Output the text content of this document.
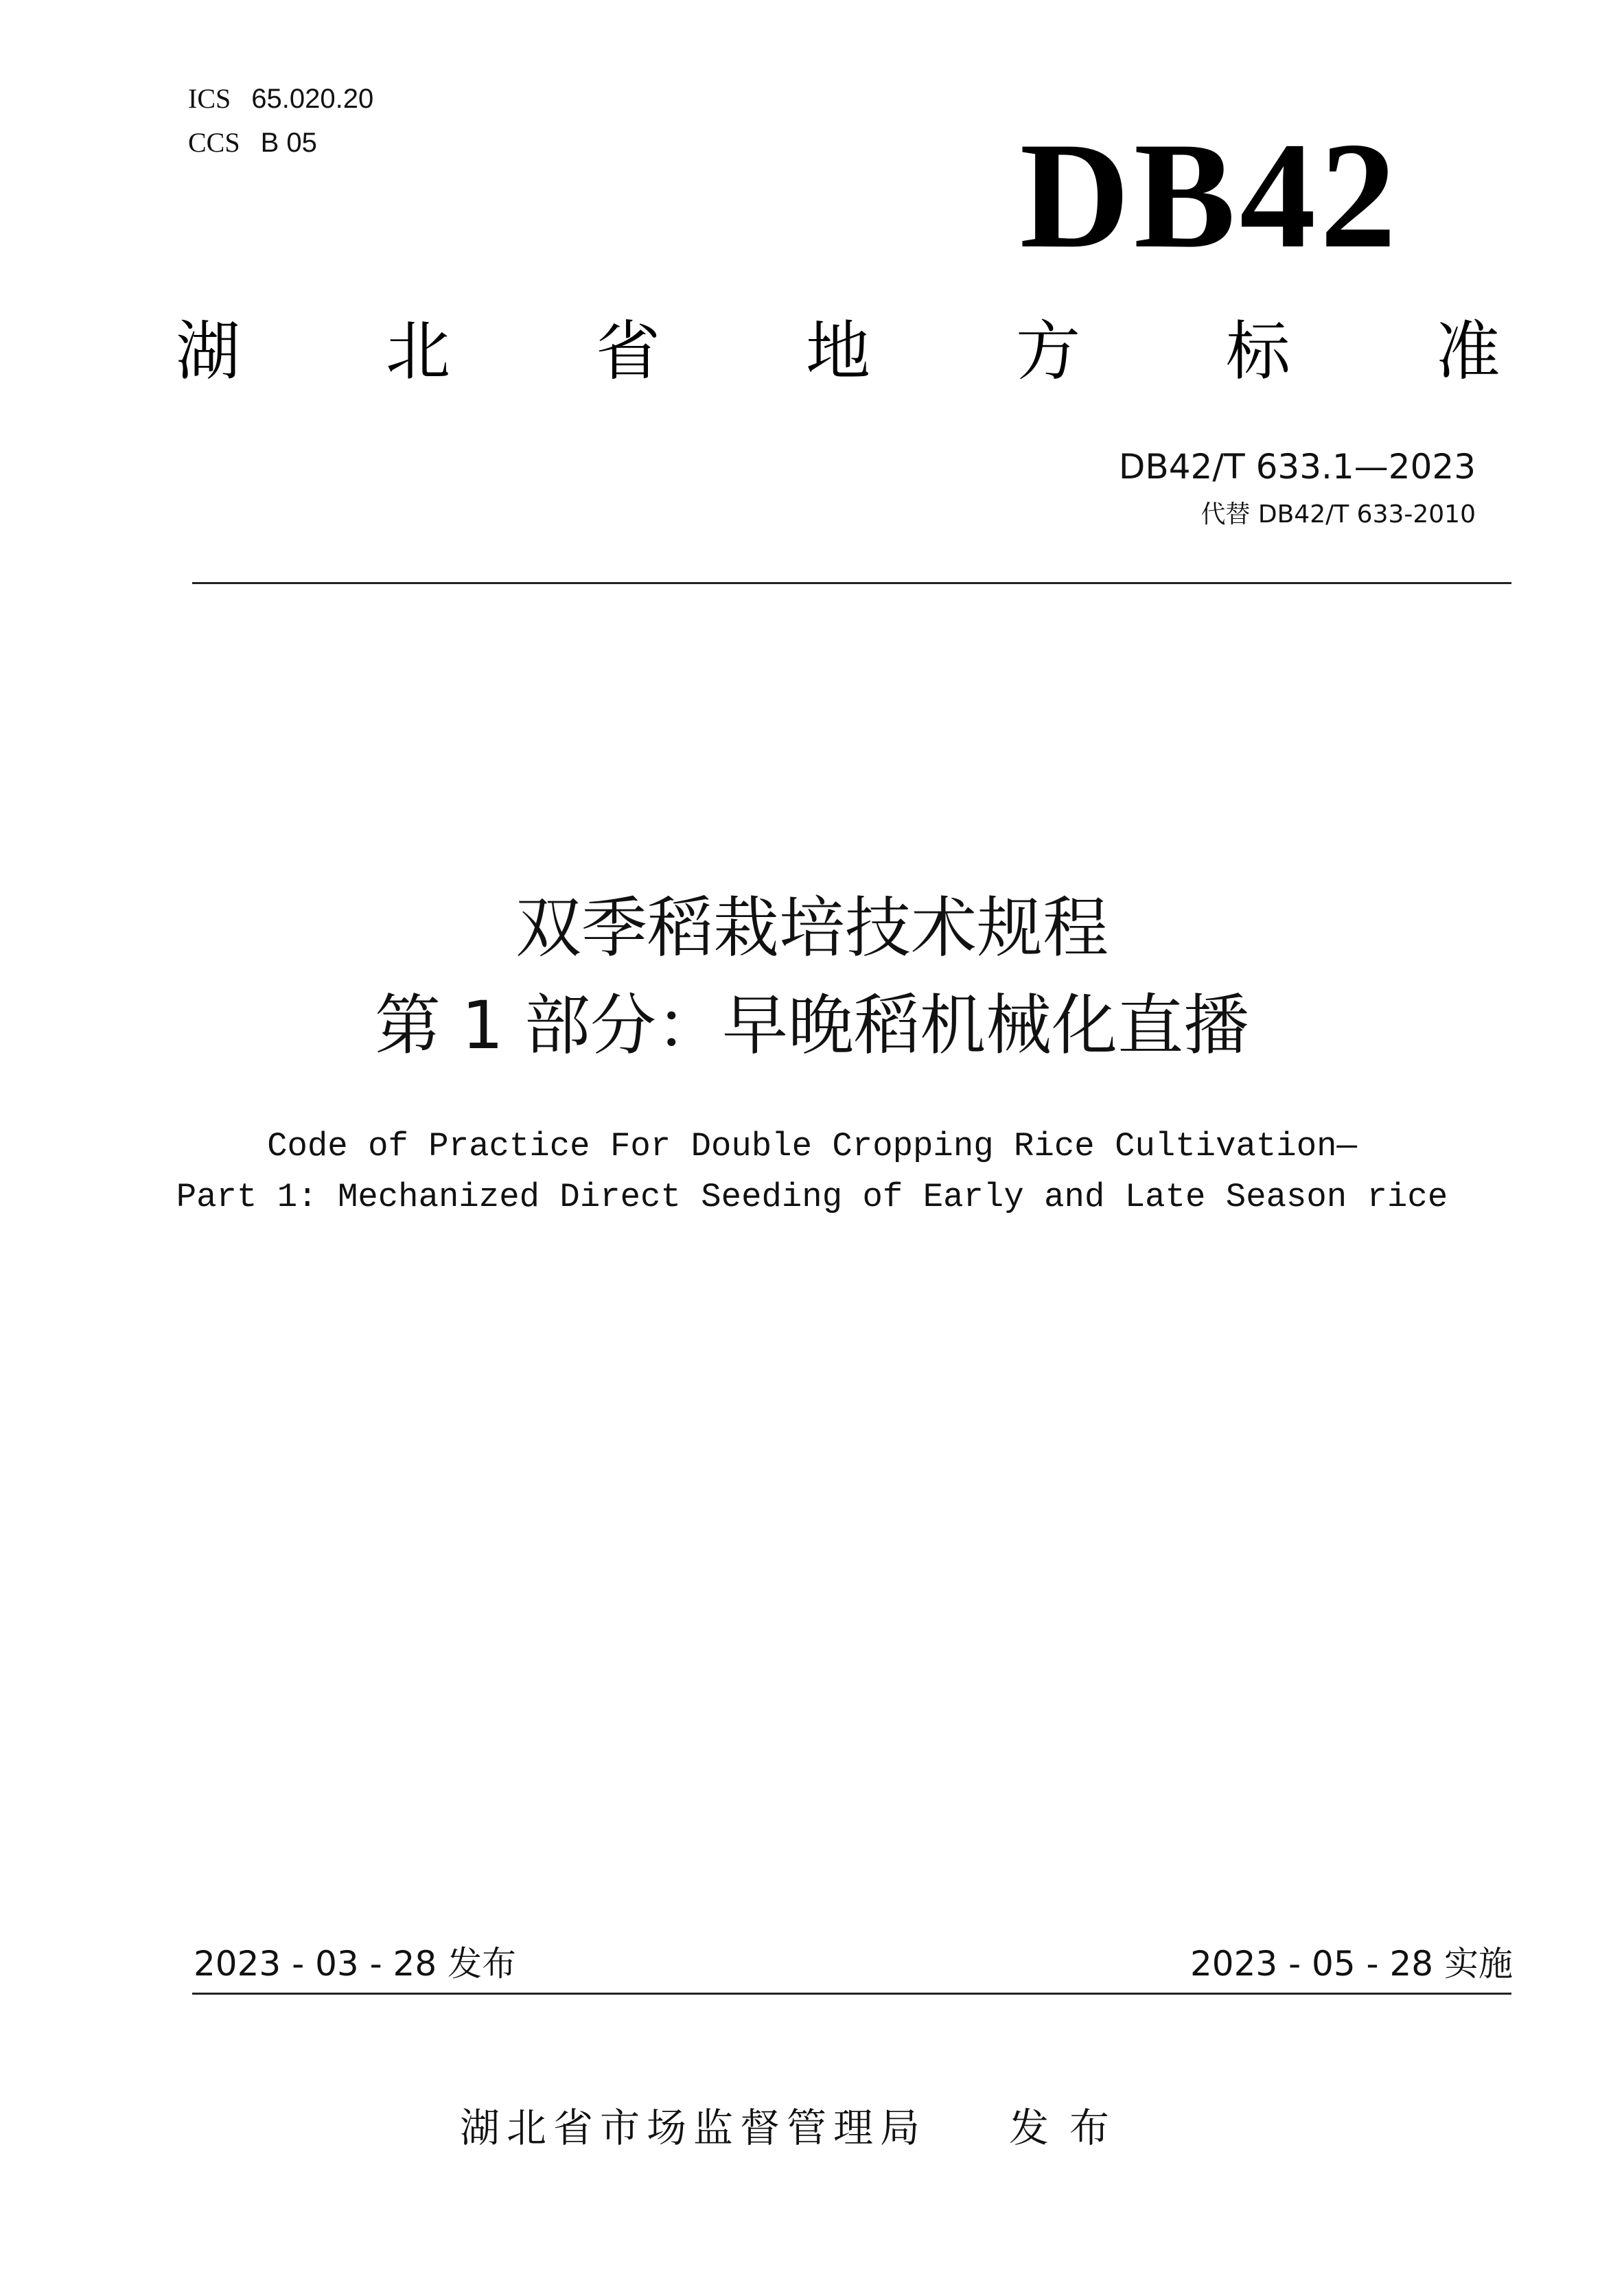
ICS 65.020.20
CCS B 05	DB42
湖 北 省 地 方 标 准
DB42/T 633.1—2023
代替 DB42/T 633-2010
双季稻栽培技术规程
第 1 部分：早晚稻机械化直播
Code of Practice For Double Cropping Rice Cultivation—
Part 1: Mechanized Direct Seeding of Early and Late Season rice
2023 - 03 - 28 发布	2023 - 05 - 28 实施
湖北省市场监督管理局 发布
